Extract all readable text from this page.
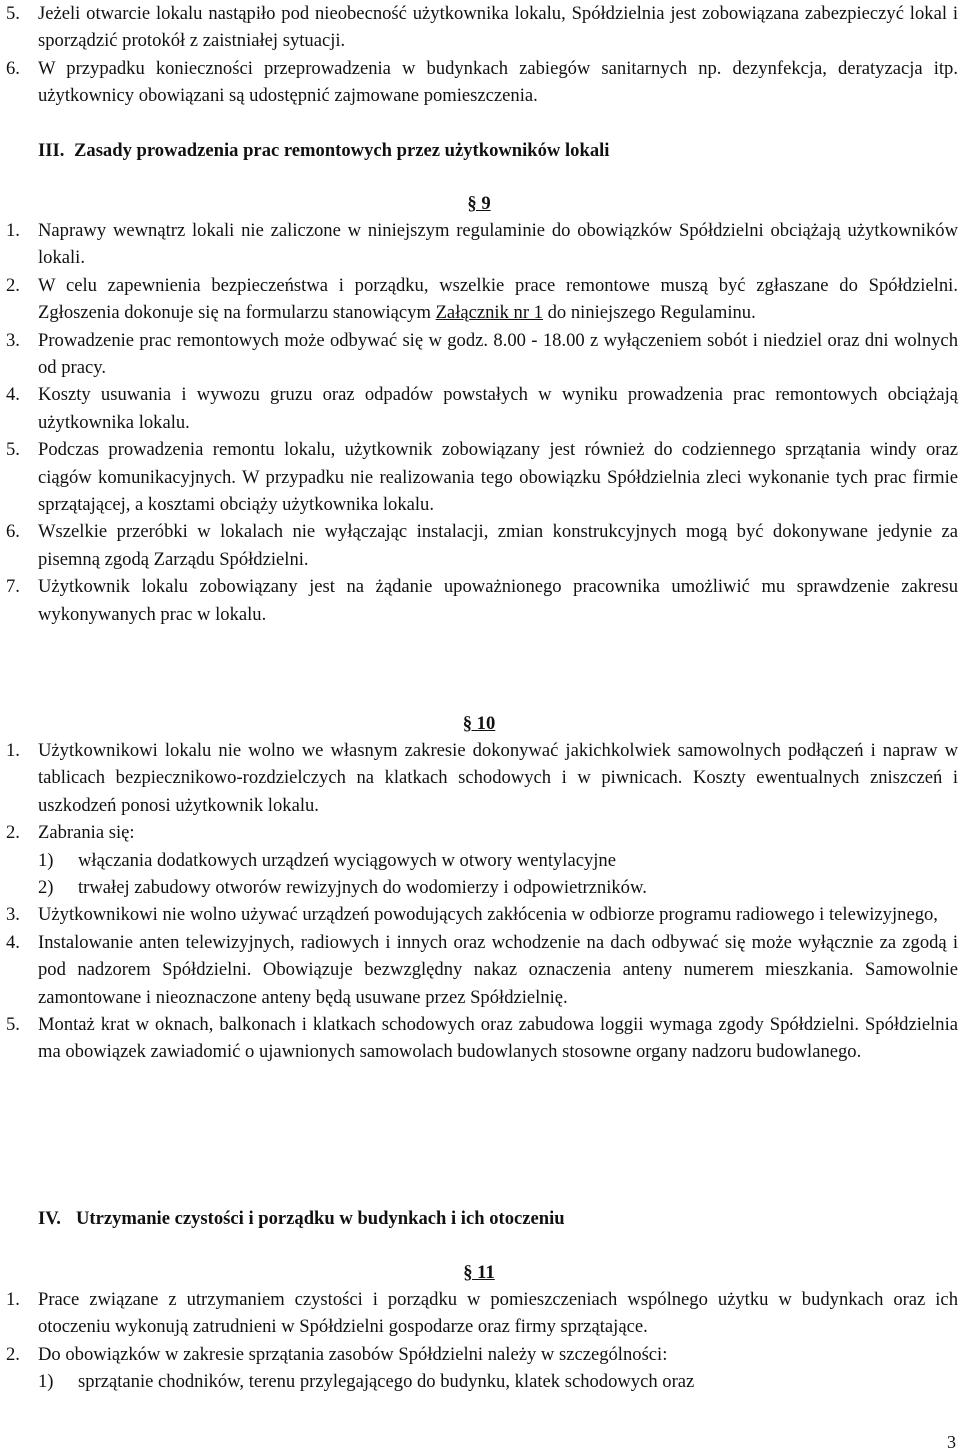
5. Jeżeli otwarcie lokalu nastąpiło pod nieobecność użytkownika lokalu, Spółdzielnia jest zobowiązana zabezpieczyć lokal i sporządzić protokół z zaistniałej sytuacji.

6. W przypadku konieczności przeprowadzenia w budynkach zabiegów sanitarnych np. dezynfekcja, deratyzacja itp. użytkownicy obowiązani są udostępnić zajmowane pomieszczenia.

III. Zasady prowadzenia prac remontowych przez użytkowników lokali

§ 9

1. Naprawy wewnątrz lokali nie zaliczone w niniejszym regulaminie do obowiązków Spółdzielni obciążają użytkowników lokali.

2. W celu zapewnienia bezpieczeństwa i porządku, wszelkie prace remontowe muszą być zgłaszane do Spółdzielni. Zgłoszenia dokonuje się na formularzu stanowiącym Załącznik nr 1 do niniejszego Regulaminu.

3. Prowadzenie prac remontowych może odbywać się w godz. 8.00 - 18.00 z wyłączeniem sobót i niedziel oraz dni wolnych od pracy.

4. Koszty usuwania i wywozu gruzu oraz odpadów powstałych w wyniku prowadzenia prac remontowych obciążają użytkownika lokalu.

5. Podczas prowadzenia remontu lokalu, użytkownik zobowiązany jest również do codziennego sprzątania windy oraz ciągów komunikacyjnych. W przypadku nie realizowania tego obowiązku Spółdzielnia zleci wykonanie tych prac firmie sprzątającej, a kosztami obciąży użytkownika lokalu.

6. Wszelkie przeróbki w lokalach nie wyłączając instalacji, zmian konstrukcyjnych mogą być dokonywane jedynie za pisemną zgodą Zarządu Spółdzielni.

7. Użytkownik lokalu zobowiązany jest na żądanie upoważnionego pracownika umożliwić mu sprawdzenie zakresu wykonywanych prac w lokalu.

§ 10

1. Użytkownikowi lokalu nie wolno we własnym zakresie dokonywać jakichkolwiek samowolnych podłączeń i napraw w tablicach bezpiecznikowo-rozdzielczych na klatkach schodowych i w piwnicach. Koszty ewentualnych zniszczeń i uszkodzeń ponosi użytkownik lokalu.

2. Zabrania się:

1) włączania dodatkowych urządzeń wyciągowych w otwory wentylacyjne

2) trwałej zabudowy otworów rewizyjnych do wodomierzy i odpowietrzników.

3. Użytkownikowi nie wolno używać urządzeń powodujących zakłócenia w odbiorze programu radiowego i telewizyjnego,

4. Instalowanie anten telewizyjnych, radiowych i innych oraz wchodzenie na dach odbywać się może wyłącznie za zgodą i pod nadzorem Spółdzielni. Obowiązuje bezwzględny nakaz oznaczenia anteny numerem mieszkania. Samowolnie zamontowane i nieoznaczone anteny będą usuwane przez Spółdzielnię.

5. Montaż krat w oknach, balkonach i klatkach schodowych oraz zabudowa loggii wymaga zgody Spółdzielni. Spółdzielnia ma obowiązek zawiadomić o ujawnionych samowolach budowlanych stosowne organy nadzoru budowlanego.

IV. Utrzymanie czystości i porządku w budynkach i ich otoczeniu

§ 11

1. Prace związane z utrzymaniem czystości i porządku w pomieszczeniach wspólnego użytku w budynkach oraz ich otoczeniu wykonują zatrudnieni w Spółdzielni gospodarze oraz firmy sprzątające.

2. Do obowiązków w zakresie sprzątania zasobów Spółdzielni należy w szczególności:

1) sprzątanie chodników, terenu przylegającego do budynku, klatek schodowych oraz

3
